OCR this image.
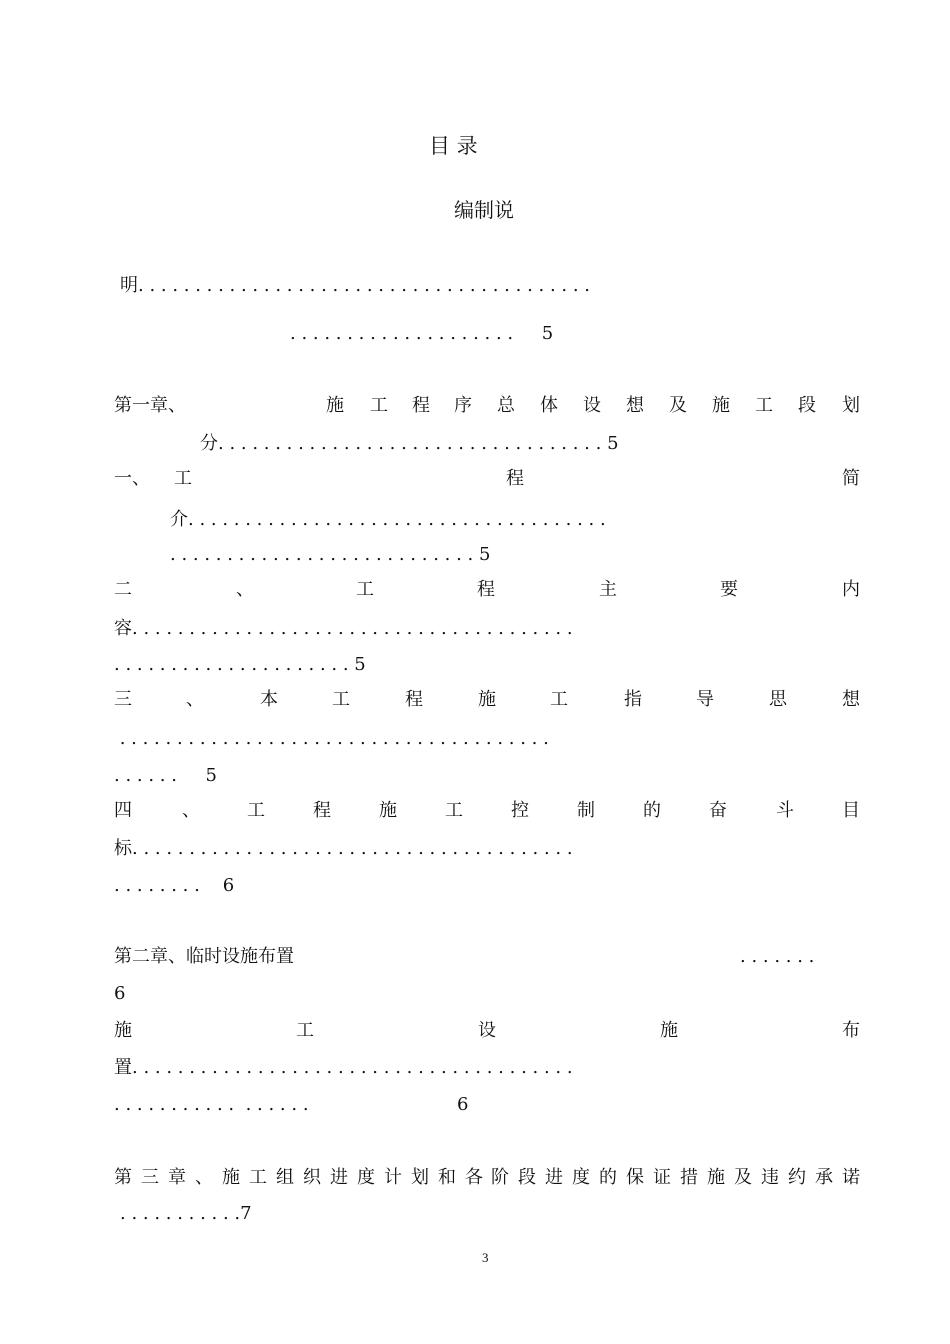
目 录
编制说
明. . . . . . . . . . . . . . . . . . . . . . . . . . . . . . . . . . . . . . . .
. . . . . . . . . . . . . . . . . . . .     5
第一章、	施 工 程 序 总 体 设 想 及 施 工 段 划
分. . . . . . . . . . . . . . . . . . . . . . . . . . . . . . . . . . 5
一、 工	程	简
介. . . . . . . . . . . . . . . . . . . . . . . . . . . . . . . . . . . . .
. . . . . . . . . . . . . . . . . . . . . . . . . . . 5
二	、	工	程	主	要	内
容. . . . . . . . . . . . . . . . . . . . . . . . . . . . . . . . . . . . . . .
. . . . . . . . . . . . . . . . . . . . . 5
三	、	本	工	程	施	工	指	导	思	想
. . . . . . . . . . . . . . . . . . . . . . . . . . . . . . . . . . . . . .
. . . . . .     5
四	、	工	程	施	工	控	制	的	奋	斗	目
标. . . . . . . . . . . . . . . . . . . . . . . . . . . . . . . . . . . . . . .
. . . . . . . .    6
第二章、临时设施布置	. . . . . . .
6
施	工	设	施	布
置. . . . . . . . . . . . . . . . . . . . . . . . . . . . . . . . . . . . . . .
. . . . . . . . . . .  . . . . . .	6
第 三 章 、 施 工 组 织 进 度 计 划 和 各 阶 段 进 度 的 保 证 措 施 及 违 约 承 诺
. . . . . . . . . . .7
3
